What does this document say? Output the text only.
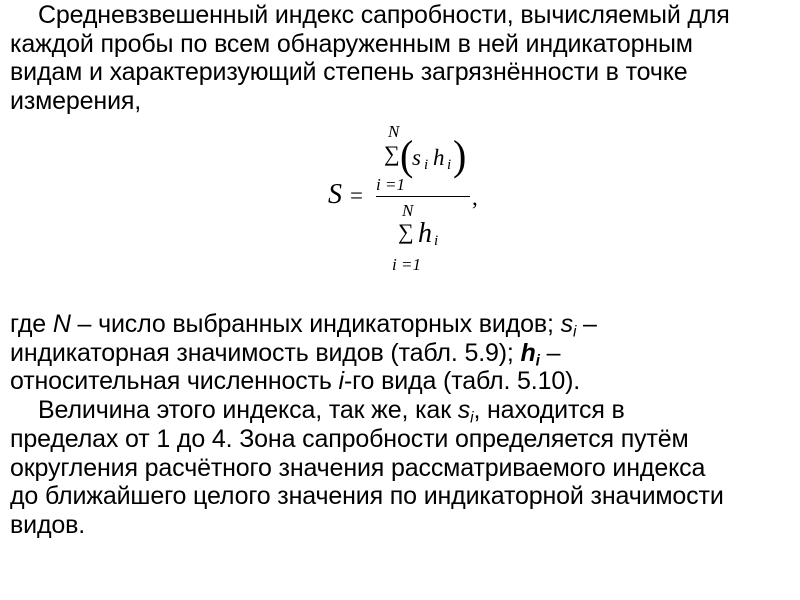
Средневзвешенный индекс сапробности, вычисляемый для
каждой пробы по всем обнаруженным в ней индикаторным
видам и характеризующий степень загрязнённости в точке
измерения,
S =
N
∑ (
s i h i )
i =1
,
N
∑ h i
i =1
где N – число выбранных индикаторных видов; $s_i$ –
индикаторная значимость видов (табл. 5.9); $h_i$ –
относительная численность i-го вида (табл. 5.10).
Величина этого индекса, так же, как $s_i$, находится в
пределах от 1 до 4. Зона сапробности определяется путём
округления расчётного значения рассматриваемого индекса
до ближайшего целого значения по индикаторной значимости
видов.
